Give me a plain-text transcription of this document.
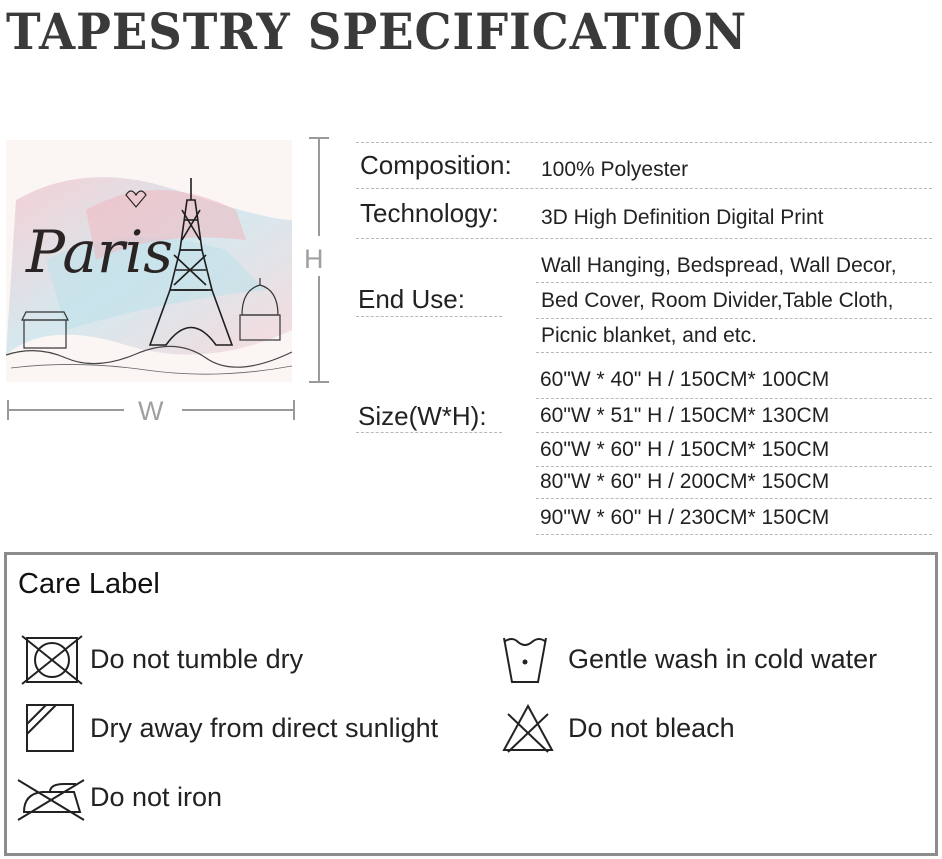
TAPESTRY SPECIFICATION
Paris	H
W
Composition: 100% Polyester
Technology: 3D High Definition Digital Print
End Use:
Wall Hanging, Bedspread, Wall Decor,
Bed Cover, Room Divider,Table Cloth,
Picnic blanket, and etc.
Size(W*H):
60"W * 40" H / 150CM* 100CM
60"W * 51" H / 150CM* 130CM
60"W * 60" H / 150CM* 150CM
80"W * 60" H / 200CM* 150CM
90"W * 60" H / 230CM* 150CM
Care Label
Do not tumble dry	Gentle wash in cold water
Dry away from direct sunlight	Do not bleach
Do not iron
